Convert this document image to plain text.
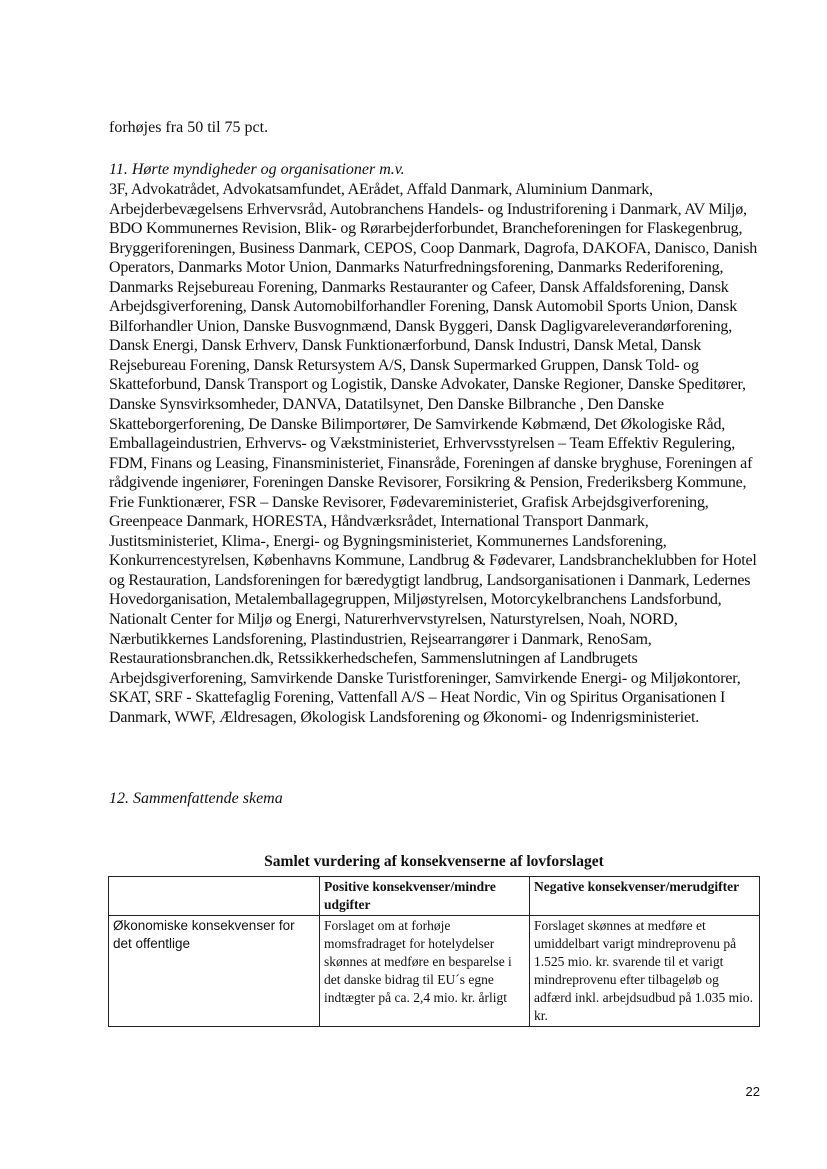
forhøjes fra 50 til 75 pct.

11. Hørte myndigheder og organisationer m.v.

3F, Advokatrådet, Advokatsamfundet, AErådet, Affald Danmark, Aluminium Danmark, Arbejderbevægelsens Erhvervsråd, Autobranchens Handels- og Industriforening i Danmark, AV Miljø, BDO Kommunernes Revision, Blik- og Rørarbejderforbundet, Brancheforeningen for Flaskegenbrug, Bryggeriforeningen, Business Danmark, CEPOS, Coop Danmark, Dagrofa, DAKOFA, Danisco, Danish Operators, Danmarks Motor Union, Danmarks Naturfredningsforening, Danmarks Rederiforening, Danmarks Rejsebureau Forening, Danmarks Restauranter og Cafeer, Dansk Affaldsforening, Dansk Arbejdsgiverforening, Dansk Automobilforhandler Forening, Dansk Automobil Sports Union, Dansk Bilforhandler Union, Danske Busvognmænd, Dansk Byggeri, Dansk Dagligvareleverandørforening, Dansk Energi, Dansk Erhverv, Dansk Funktionærforbund, Dansk Industri, Dansk Metal, Dansk Rejsebureau Forening, Dansk Retursystem A/S, Dansk Supermarked Gruppen, Dansk Told- og Skatteforbund, Dansk Transport og Logistik, Danske Advokater, Danske Regioner, Danske Speditører, Danske Synsvirksomheder, DANVA, Datatilsynet, Den Danske Bilbranche , Den Danske Skatteborgerforening, De Danske Bilimportører, De Samvirkende Købmænd, Det Økologiske Råd, Emballageindustrien, Erhvervs- og Vækstministeriet, Erhvervsstyrelsen – Team Effektiv Regulering, FDM, Finans og Leasing, Finansministeriet, Finansråde, Foreningen af danske bryghuse, Foreningen af rådgivende ingeniører, Foreningen Danske Revisorer, Forsikring & Pension, Frederiksberg Kommune, Frie Funktionærer, FSR – Danske Revisorer, Fødevareministeriet, Grafisk Arbejdsgiverforening, Greenpeace Danmark, HORESTA, Håndværksrådet, International Transport Danmark, Justitsministeriet, Klima-, Energi- og Bygningsministeriet, Kommunernes Landsforening, Konkurrencestyrelsen, Københavns Kommune, Landbrug & Fødevarer, Landsbrancheklubben for Hotel og Restauration, Landsforeningen for bæredygtigt landbrug, Landsorganisationen i Danmark, Ledernes Hovedorganisation, Metalemballagegruppen, Miljøstyrelsen, Motorcykelbranchens Landsforbund, Nationalt Center for Miljø og Energi, Naturerhvervstyrelsen, Naturstyrelsen, Noah, NORD, Nærbutikkernes Landsforening, Plastindustrien, Rejsearrangører i Danmark, RenoSam, Restaurationsbranchen.dk, Retssikkerhedschefen, Sammenslutningen af Landbrugets Arbejdsgiverforening, Samvirkende Danske Turistforeninger, Samvirkende Energi- og Miljøkontorer, SKAT, SRF - Skattefaglig Forening, Vattenfall A/S – Heat Nordic, Vin og Spiritus Organisationen I Danmark, WWF, Ældresagen, Økologisk Landsforening og Økonomi- og Indenrigsministeriet.

12. Sammenfattende skema

Samlet vurdering af konsekvenserne af lovforslaget

	Positive konsekvenser/mindre udgifter	Negative konsekvenser/merudgifter
Økonomiske konsekvenser for det offentlige	Forslaget om at forhøje momsfradraget for hotelydelser skønnes at medføre en besparelse i det danske bidrag til EU´s egne indtægter på ca. 2,4 mio. kr. årligt	Forslaget skønnes at medføre et umiddelbart varigt mindreprovenu på 1.525 mio. kr. svarende til et varigt mindreprovenu efter tilbageløb og adfærd inkl. arbejdsudbud på 1.035 mio. kr.
22
